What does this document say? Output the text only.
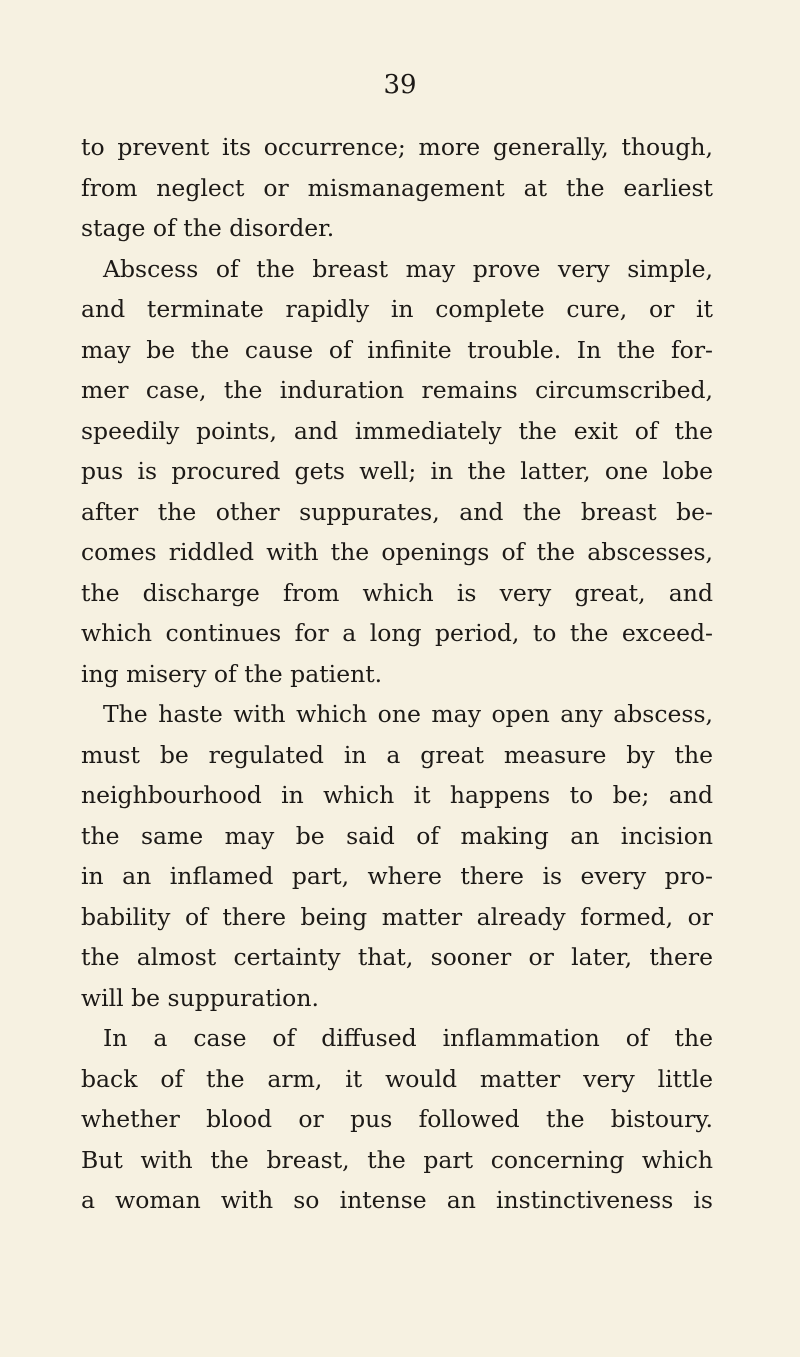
39
to prevent its occurrence; more generally, though,
from neglect or mismanagement at the earliest
stage of the disorder.
Abscess of the breast may prove very simple,
and terminate rapidly in complete cure, or it
may be the cause of infinite trouble. In the for-
mer case, the induration remains circumscribed,
speedily points, and immediately the exit of the
pus is procured gets well; in the latter, one lobe
after the other suppurates, and the breast be-
comes riddled with the openings of the abscesses,
the discharge from which is very great, and
which continues for a long period, to the exceed-
ing misery of the patient.
The haste with which one may open any abscess,
must be regulated in a great measure by the
neighbourhood in which it happens to be; and
the same may be said of making an incision
in an inflamed part, where there is every pro-
bability of there being matter already formed, or
the almost certainty that, sooner or later, there
will be suppuration.
In a case of diffused inflammation of the
back of the arm, it would matter very little
whether blood or pus followed the bistoury.
But with the breast, the part concerning which
a woman with so intense an instinctiveness is
